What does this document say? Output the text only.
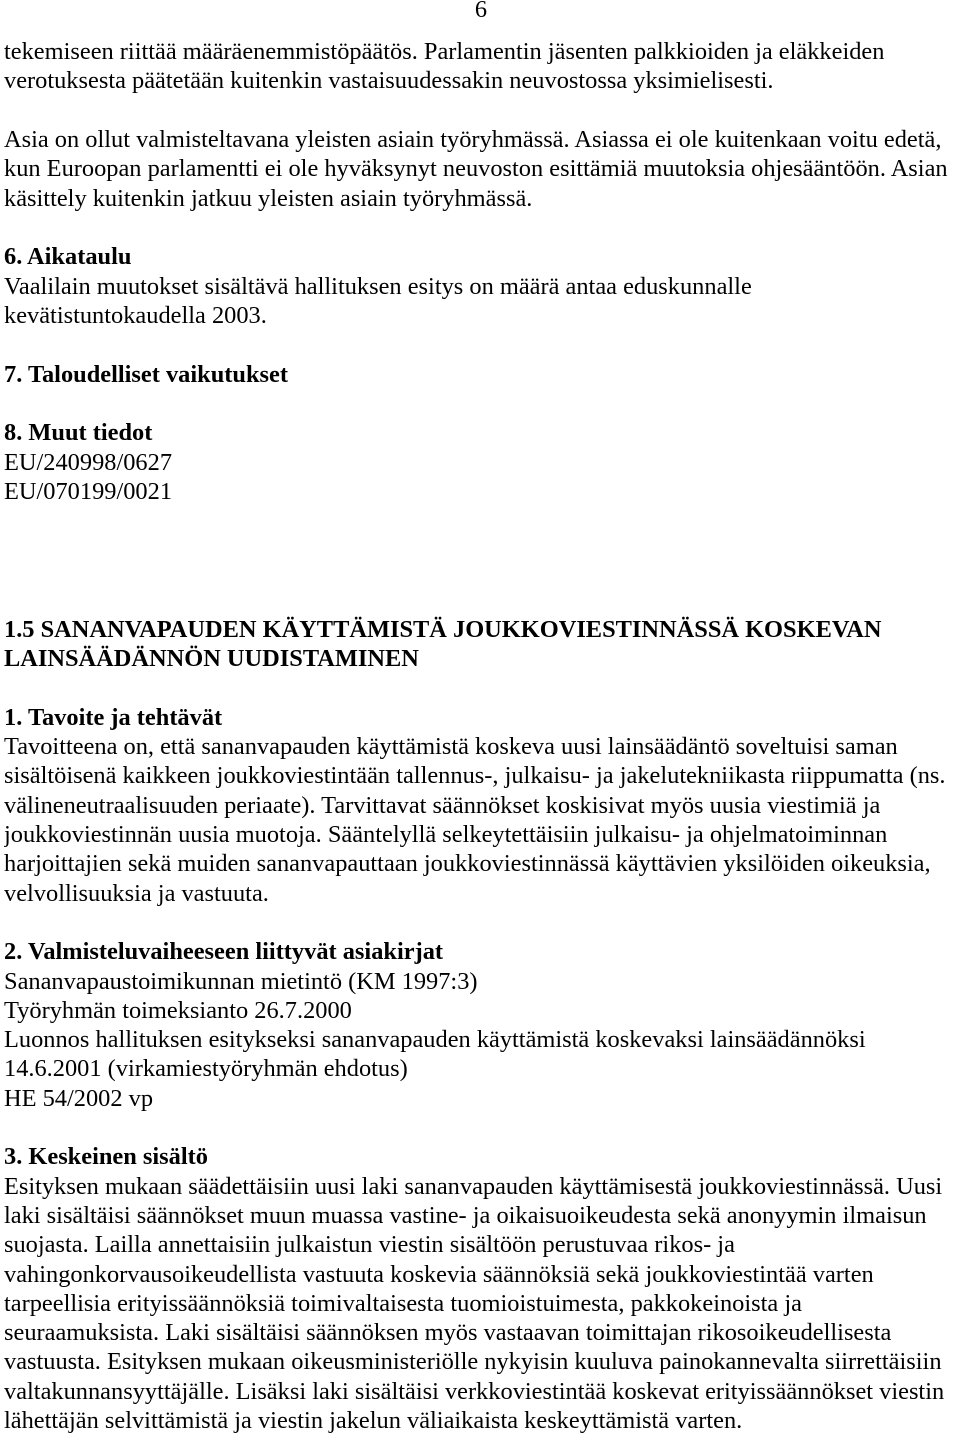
6
tekemiseen riittää määräenemmistöpäätös. Parlamentin jäsenten palkkioiden ja eläkkeiden
verotuksesta päätetään kuitenkin vastaisuudessakin neuvostossa yksimielisesti.
Asia on ollut valmisteltavana yleisten asiain työryhmässä. Asiassa ei ole kuitenkaan voitu edetä,
kun Euroopan parlamentti ei ole hyväksynyt neuvoston esittämiä muutoksia ohjesääntöön. Asian
käsittely kuitenkin jatkuu yleisten asiain työryhmässä.
6. Aikataulu
Vaalilain muutokset sisältävä hallituksen esitys on määrä antaa eduskunnalle
kevätistuntokaudella 2003.
7. Taloudelliset vaikutukset
8. Muut tiedot
EU/240998/0627
EU/070199/0021
1.5 SANANVAPAUDEN KÄYTTÄMISTÄ JOUKKOVIESTINNÄSSÄ KOSKEVAN
LAINSÄÄDÄNNÖN UUDISTAMINEN
1. Tavoite ja tehtävät
Tavoitteena on, että sananvapauden käyttämistä koskeva uusi lainsäädäntö soveltuisi saman
sisältöisenä kaikkeen joukkoviestintään tallennus-, julkaisu- ja jakelutekniikasta riippumatta (ns.
välineneutraalisuuden periaate). Tarvittavat säännökset koskisivat myös uusia viestimiä ja
joukkoviestinnän uusia muotoja. Sääntelyllä selkeytettäisiin julkaisu- ja ohjelmatoiminnan
harjoittajien sekä muiden sananvapauttaan joukkoviestinnässä käyttävien yksilöiden oikeuksia,
velvollisuuksia ja vastuuta.
2. Valmisteluvaiheeseen liittyvät asiakirjat
Sananvapaustoimikunnan mietintö (KM 1997:3)
Työryhmän toimeksianto 26.7.2000
Luonnos hallituksen esitykseksi sananvapauden käyttämistä koskevaksi lainsäädännöksi
14.6.2001 (virkamiestyöryhmän ehdotus)
HE 54/2002 vp
3. Keskeinen sisältö
Esityksen mukaan säädettäisiin uusi laki sananvapauden käyttämisestä joukkoviestinnässä. Uusi
laki sisältäisi säännökset muun muassa vastine- ja oikaisuoikeudesta sekä anonyymin ilmaisun
suojasta. Lailla annettaisiin julkaistun viestin sisältöön perustuvaa rikos- ja
vahingonkorvausoikeudellista vastuuta koskevia säännöksiä sekä joukkoviestintää varten
tarpeellisia erityissäännöksiä toimivaltaisesta tuomioistuimesta, pakkokeinoista ja
seuraamuksista. Laki sisältäisi säännöksen myös vastaavan toimittajan rikosoikeudellisesta
vastuusta. Esityksen mukaan oikeusministeriölle nykyisin kuuluva painokannevalta siirrettäisiin
valtakunnansyyttäjälle. Lisäksi laki sisältäisi verkkoviestintää koskevat erityissäännökset viestin
lähettäjän selvittämistä ja viestin jakelun väliaikaista keskeyttämistä varten.
